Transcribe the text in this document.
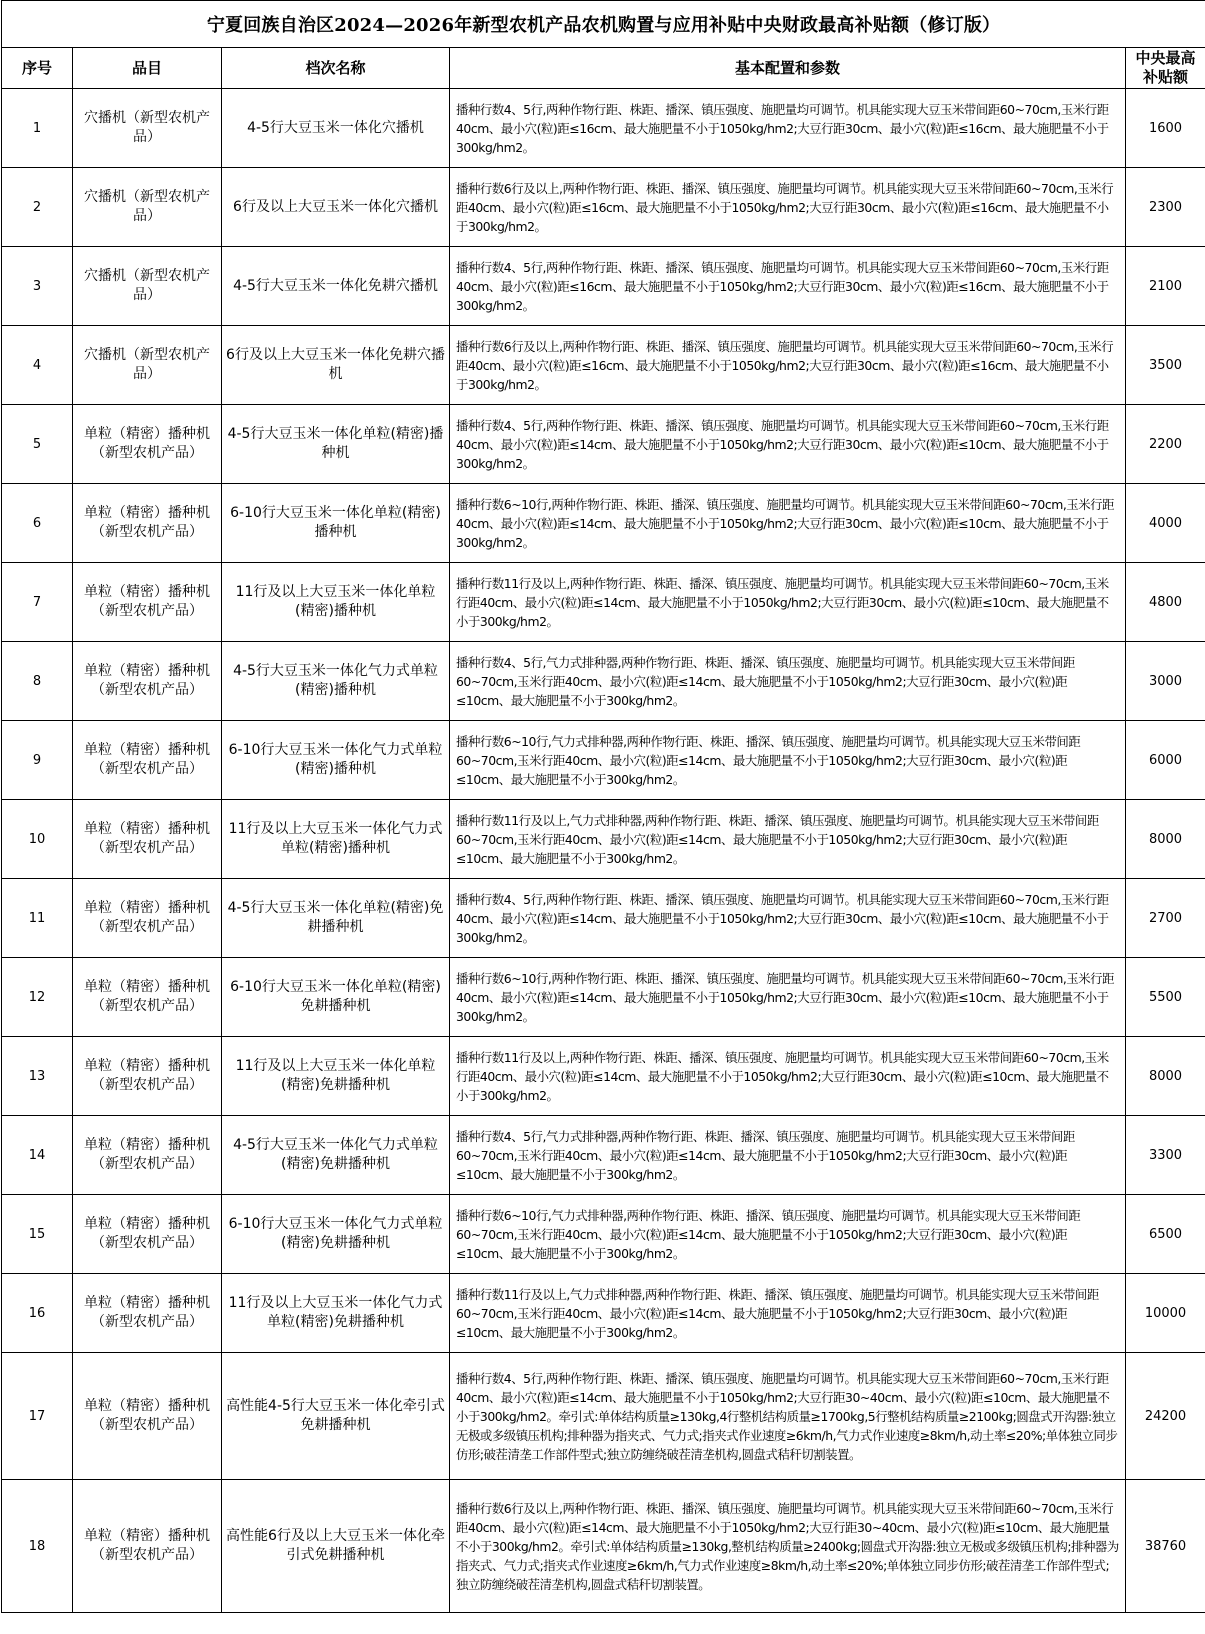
宁夏回族自治区2024—2026年新型农机产品农机购置与应用补贴中央财政最高补贴额（修订版）				
序号	品目	档次名称	基本配置和参数	中央最高补贴额
1	穴播机（新型农机产品）	4-5行大豆玉米一体化穴播机	播种行数4、5行,两种作物行距、株距、播深、镇压强度、施肥量均可调节。机具能实现大豆玉米带间距60~70cm,玉米行距40cm、最小穴(粒)距≤16cm、最大施肥量不小于1050kg/hm2;大豆行距30cm、最小穴(粒)距≤16cm、最大施肥量不小于300kg/hm2。	1600
2	穴播机（新型农机产品）	6行及以上大豆玉米一体化穴播机	播种行数6行及以上,两种作物行距、株距、播深、镇压强度、施肥量均可调节。机具能实现大豆玉米带间距60~70cm,玉米行距40cm、最小穴(粒)距≤16cm、最大施肥量不小于1050kg/hm2;大豆行距30cm、最小穴(粒)距≤16cm、最大施肥量不小于300kg/hm2。	2300
3	穴播机（新型农机产品）	4-5行大豆玉米一体化免耕穴播机	播种行数4、5行,两种作物行距、株距、播深、镇压强度、施肥量均可调节。机具能实现大豆玉米带间距60~70cm,玉米行距40cm、最小穴(粒)距≤16cm、最大施肥量不小于1050kg/hm2;大豆行距30cm、最小穴(粒)距≤16cm、最大施肥量不小于300kg/hm2。	2100
4	穴播机（新型农机产品）	6行及以上大豆玉米一体化免耕穴播机	播种行数6行及以上,两种作物行距、株距、播深、镇压强度、施肥量均可调节。机具能实现大豆玉米带间距60~70cm,玉米行距40cm、最小穴(粒)距≤16cm、最大施肥量不小于1050kg/hm2;大豆行距30cm、最小穴(粒)距≤16cm、最大施肥量不小于300kg/hm2。	3500
5	单粒（精密）播种机（新型农机产品）	4-5行大豆玉米一体化单粒(精密)播种机	播种行数4、5行,两种作物行距、株距、播深、镇压强度、施肥量均可调节。机具能实现大豆玉米带间距60~70cm,玉米行距40cm、最小穴(粒)距≤14cm、最大施肥量不小于1050kg/hm2;大豆行距30cm、最小穴(粒)距≤10cm、最大施肥量不小于300kg/hm2。	2200
6	单粒（精密）播种机（新型农机产品）	6-10行大豆玉米一体化单粒(精密)播种机	播种行数6~10行,两种作物行距、株距、播深、镇压强度、施肥量均可调节。机具能实现大豆玉米带间距60~70cm,玉米行距40cm、最小穴(粒)距≤14cm、最大施肥量不小于1050kg/hm2;大豆行距30cm、最小穴(粒)距≤10cm、最大施肥量不小于300kg/hm2。	4000
7	单粒（精密）播种机（新型农机产品）	11行及以上大豆玉米一体化单粒(精密)播种机	播种行数11行及以上,两种作物行距、株距、播深、镇压强度、施肥量均可调节。机具能实现大豆玉米带间距60~70cm,玉米行距40cm、最小穴(粒)距≤14cm、最大施肥量不小于1050kg/hm2;大豆行距30cm、最小穴(粒)距≤10cm、最大施肥量不小于300kg/hm2。	4800
8	单粒（精密）播种机（新型农机产品）	4-5行大豆玉米一体化气力式单粒(精密)播种机	播种行数4、5行,气力式排种器,两种作物行距、株距、播深、镇压强度、施肥量均可调节。机具能实现大豆玉米带间距60~70cm,玉米行距40cm、最小穴(粒)距≤14cm、最大施肥量不小于1050kg/hm2;大豆行距30cm、最小穴(粒)距≤10cm、最大施肥量不小于300kg/hm2。	3000
9	单粒（精密）播种机（新型农机产品）	6-10行大豆玉米一体化气力式单粒(精密)播种机	播种行数6~10行,气力式排种器,两种作物行距、株距、播深、镇压强度、施肥量均可调节。机具能实现大豆玉米带间距60~70cm,玉米行距40cm、最小穴(粒)距≤14cm、最大施肥量不小于1050kg/hm2;大豆行距30cm、最小穴(粒)距≤10cm、最大施肥量不小于300kg/hm2。	6000
10	单粒（精密）播种机（新型农机产品）	11行及以上大豆玉米一体化气力式单粒(精密)播种机	播种行数11行及以上,气力式排种器,两种作物行距、株距、播深、镇压强度、施肥量均可调节。机具能实现大豆玉米带间距60~70cm,玉米行距40cm、最小穴(粒)距≤14cm、最大施肥量不小于1050kg/hm2;大豆行距30cm、最小穴(粒)距≤10cm、最大施肥量不小于300kg/hm2。	8000
11	单粒（精密）播种机（新型农机产品）	4-5行大豆玉米一体化单粒(精密)免耕播种机	播种行数4、5行,两种作物行距、株距、播深、镇压强度、施肥量均可调节。机具能实现大豆玉米带间距60~70cm,玉米行距40cm、最小穴(粒)距≤14cm、最大施肥量不小于1050kg/hm2;大豆行距30cm、最小穴(粒)距≤10cm、最大施肥量不小于300kg/hm2。	2700
12	单粒（精密）播种机（新型农机产品）	6-10行大豆玉米一体化单粒(精密)免耕播种机	播种行数6~10行,两种作物行距、株距、播深、镇压强度、施肥量均可调节。机具能实现大豆玉米带间距60~70cm,玉米行距40cm、最小穴(粒)距≤14cm、最大施肥量不小于1050kg/hm2;大豆行距30cm、最小穴(粒)距≤10cm、最大施肥量不小于300kg/hm2。	5500
13	单粒（精密）播种机（新型农机产品）	11行及以上大豆玉米一体化单粒(精密)免耕播种机	播种行数11行及以上,两种作物行距、株距、播深、镇压强度、施肥量均可调节。机具能实现大豆玉米带间距60~70cm,玉米行距40cm、最小穴(粒)距≤14cm、最大施肥量不小于1050kg/hm2;大豆行距30cm、最小穴(粒)距≤10cm、最大施肥量不小于300kg/hm2。	8000
14	单粒（精密）播种机（新型农机产品）	4-5行大豆玉米一体化气力式单粒(精密)免耕播种机	播种行数4、5行,气力式排种器,两种作物行距、株距、播深、镇压强度、施肥量均可调节。机具能实现大豆玉米带间距60~70cm,玉米行距40cm、最小穴(粒)距≤14cm、最大施肥量不小于1050kg/hm2;大豆行距30cm、最小穴(粒)距≤10cm、最大施肥量不小于300kg/hm2。	3300
15	单粒（精密）播种机（新型农机产品）	6-10行大豆玉米一体化气力式单粒(精密)免耕播种机	播种行数6~10行,气力式排种器,两种作物行距、株距、播深、镇压强度、施肥量均可调节。机具能实现大豆玉米带间距60~70cm,玉米行距40cm、最小穴(粒)距≤14cm、最大施肥量不小于1050kg/hm2;大豆行距30cm、最小穴(粒)距≤10cm、最大施肥量不小于300kg/hm2。	6500
16	单粒（精密）播种机（新型农机产品）	11行及以上大豆玉米一体化气力式单粒(精密)免耕播种机	播种行数11行及以上,气力式排种器,两种作物行距、株距、播深、镇压强度、施肥量均可调节。机具能实现大豆玉米带间距60~70cm,玉米行距40cm、最小穴(粒)距≤14cm、最大施肥量不小于1050kg/hm2;大豆行距30cm、最小穴(粒)距≤10cm、最大施肥量不小于300kg/hm2。	10000
17	单粒（精密）播种机（新型农机产品）	高性能4-5行大豆玉米一体化牵引式免耕播种机	播种行数4、5行,两种作物行距、株距、播深、镇压强度、施肥量均可调节。机具能实现大豆玉米带间距60~70cm,玉米行距40cm、最小穴(粒)距≤14cm、最大施肥量不小于1050kg/hm2;大豆行距30~40cm、最小穴(粒)距≤10cm、最大施肥量不小于300kg/hm2。牵引式:单体结构质量≥130kg,4行整机结构质量≥1700kg,5行整机结构质量≥2100kg;圆盘式开沟器:独立无极或多级镇压机构;排种器为指夹式、气力式;指夹式作业速度≥6km/h,气力式作业速度≥8km/h,动土率≤20%;单体独立同步仿形;破茬清垄工作部件型式;独立防缠绕破茬清垄机构,圆盘式秸秆切割装置。	24200
18	单粒（精密）播种机（新型农机产品）	高性能6行及以上大豆玉米一体化牵引式免耕播种机	播种行数6行及以上,两种作物行距、株距、播深、镇压强度、施肥量均可调节。机具能实现大豆玉米带间距60~70cm,玉米行距40cm、最小穴(粒)距≤14cm、最大施肥量不小于1050kg/hm2;大豆行距30~40cm、最小穴(粒)距≤10cm、最大施肥量不小于300kg/hm2。牵引式:单体结构质量≥130kg,整机结构质量≥2400kg;圆盘式开沟器:独立无极或多级镇压机构;排种器为指夹式、气力式;指夹式作业速度≥6km/h,气力式作业速度≥8km/h,动土率≤20%;单体独立同步仿形;破茬清垄工作部件型式;独立防缠绕破茬清垄机构,圆盘式秸秆切割装置。	38760
